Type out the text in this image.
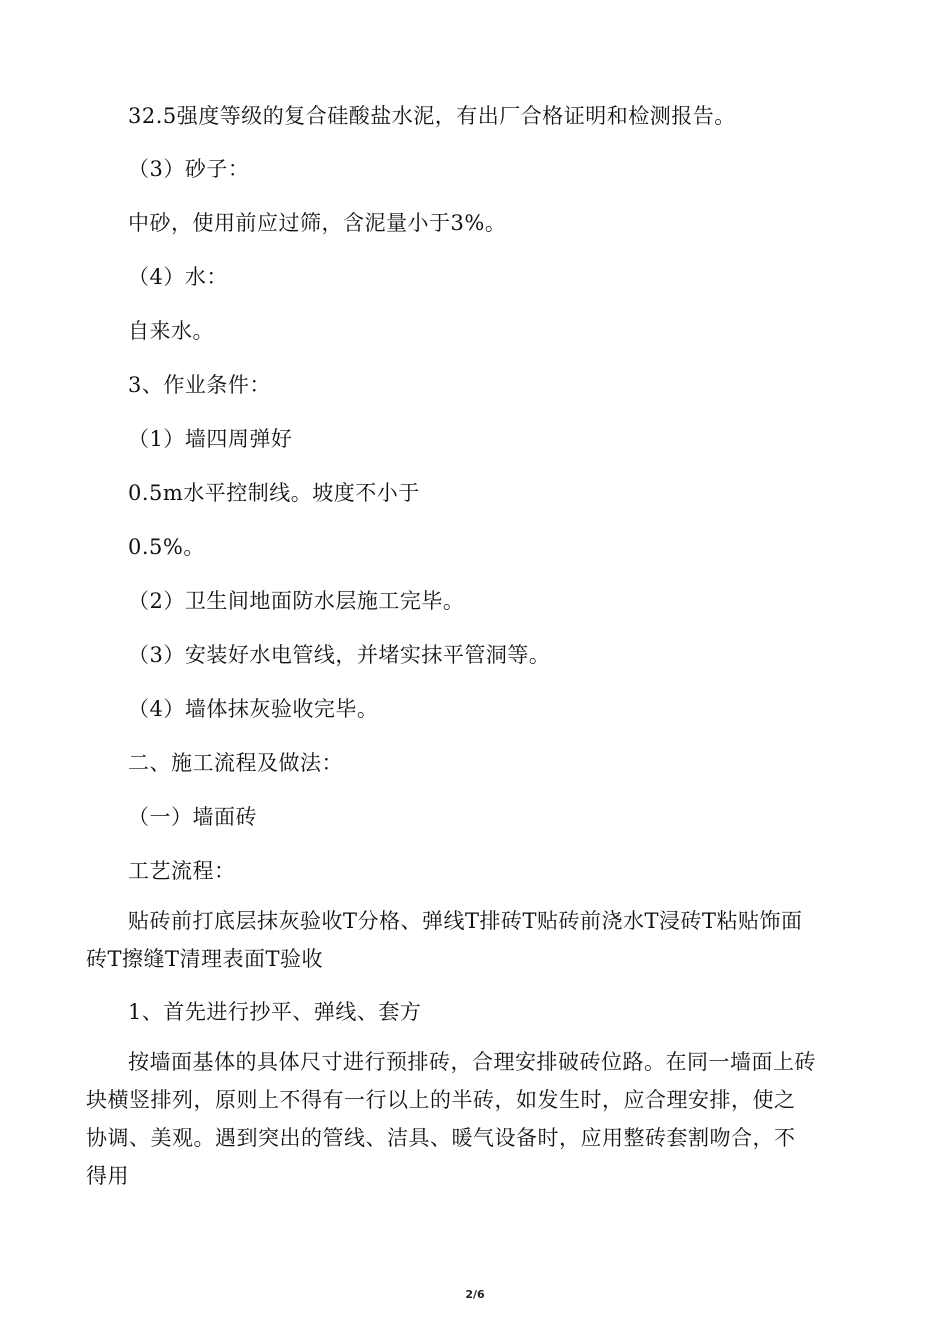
32.5强度等级的复合硅酸盐水泥，有出厂合格证明和检测报告。
（3）砂子：
中砂，使用前应过筛，含泥量小于3%。
（4）水：
自来水。
3、作业条件：
（1）墙四周弹好
0.5m水平控制线。坡度不小于
0.5%。
（2）卫生间地面防水层施工完毕。
（3）安装好水电管线，并堵实抹平管洞等。
（4）墙体抹灰验收完毕。
二、施工流程及做法：
（一）墙面砖
工艺流程：
贴砖前打底层抹灰验收T分格、弹线T排砖T贴砖前浇水T浸砖T粘贴饰面砖T擦缝T清理表面T验收
1、首先进行抄平、弹线、套方
按墙面基体的具体尺寸进行预排砖，合理安排破砖位路。在同一墙面上砖块横竖排列，原则上不得有一行以上的半砖，如发生时，应合理安排，使之协调、美观。遇到突出的管线、洁具、暖气设备时，应用整砖套割吻合，不得用
2/6
